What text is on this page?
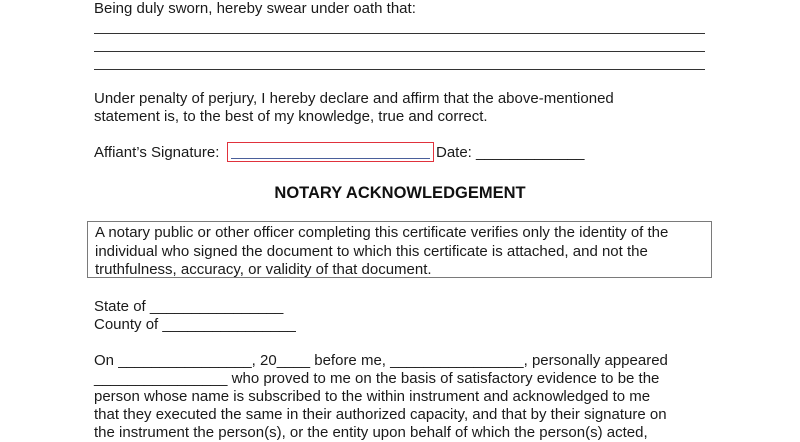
Being duly sworn, hereby swear under oath that:
Under penalty of perjury, I hereby declare and affirm that the above-mentioned
statement is, to the best of my knowledge, true and correct.
Affiant’s Signature:	Date: _____________
NOTARY ACKNOWLEDGEMENT
A notary public or other officer completing this certificate verifies only the identity of the
individual who signed the document to which this certificate is attached, and not the
truthfulness, accuracy, or validity of that document.
State of ________________
County of ________________
On ________________, 20____ before me, ________________, personally appeared
________________ who proved to me on the basis of satisfactory evidence to be the
person whose name is subscribed to the within instrument and acknowledged to me
that they executed the same in their authorized capacity, and that by their signature on
the instrument the person(s), or the entity upon behalf of which the person(s) acted,
